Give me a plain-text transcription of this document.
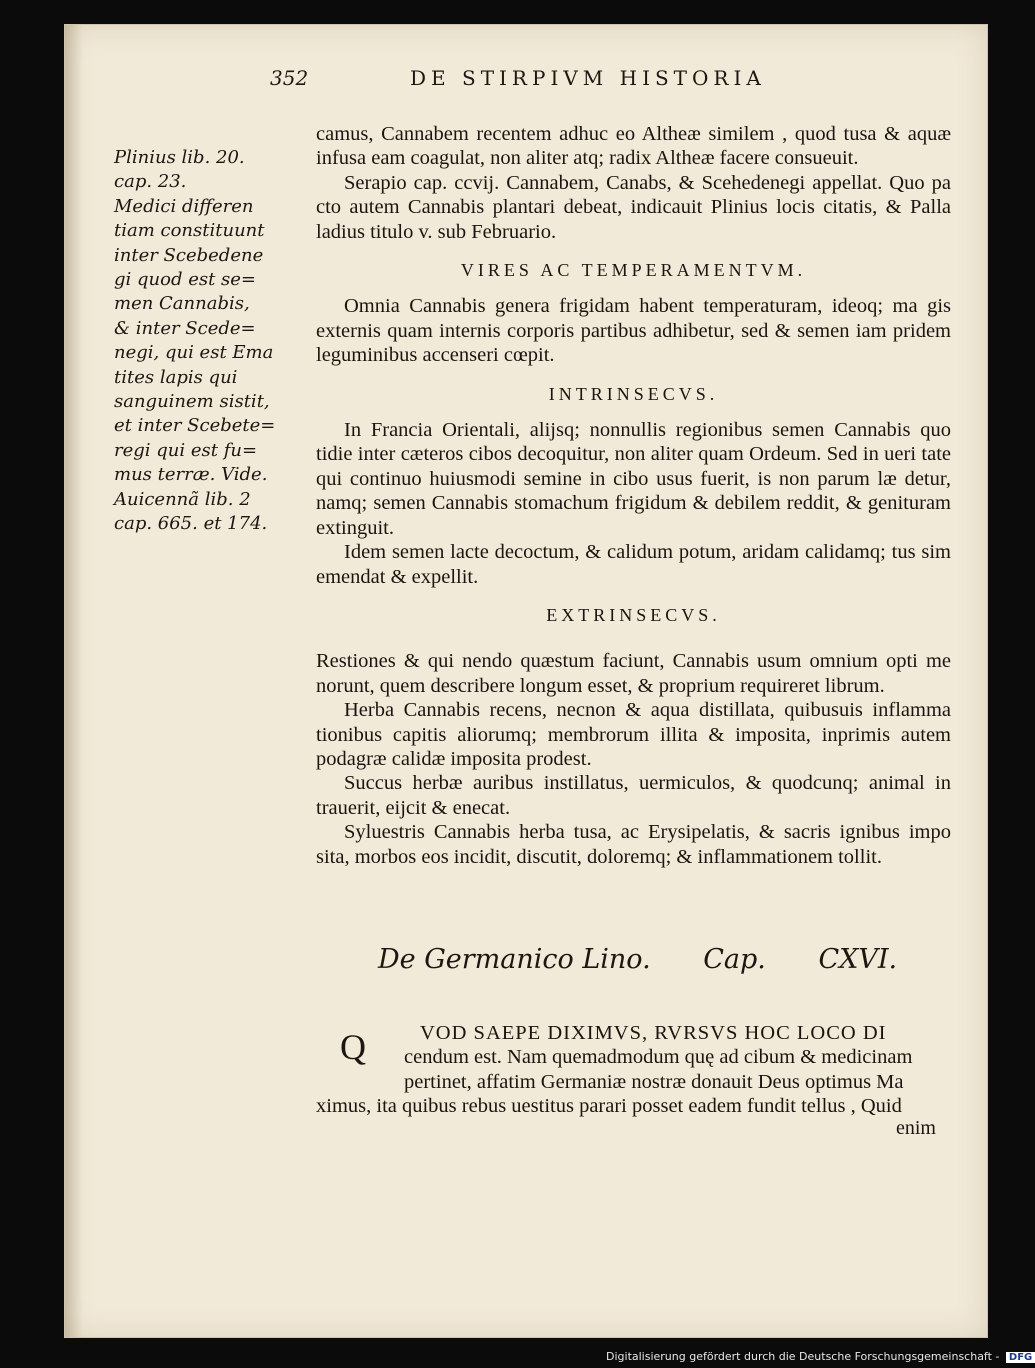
352	DE STIRPIVM HISTORIA
Plinius lib. 20.
cap. 23.
Medici differen
tiam constituunt
inter Scebedene
gi quod est se=
men Cannabis,
& inter Scede=
negi, qui est Ema
tites lapis qui
sanguinem sistit,
et inter Scebete=
regi qui est fu=
mus terræ. Vide.
Auicennã lib. 2
cap. 665. et 174.

camus, Cannabem recentem adhuc eo Altheæ similem , quod tusa & aquæ infusa eam coagulat, non aliter atq; radix Altheæ facere consueuit.

Serapio cap. ccvij. Cannabem, Canabs, & Scehedenegi appellat. Quo pa cto autem Cannabis plantari debeat, indicauit Plinius locis citatis, & Palla ladius titulo v. sub Februario.

VIRES AC TEMPERAMENTVM.

Omnia Cannabis genera frigidam habent temperaturam, ideoq; ma gis externis quam internis corporis partibus adhibetur, sed & semen iam pridem leguminibus accenseri cœpit.

INTRINSECVS.

In Francia Orientali, alijsq; nonnullis regionibus semen Cannabis quo tidie inter cæteros cibos decoquitur, non aliter quam Ordeum. Sed in ueri tate qui continuo huiusmodi semine in cibo usus fuerit, is non parum læ detur, namq; semen Cannabis stomachum frigidum & debilem reddit, & genituram extinguit.

Idem semen lacte decoctum, & calidum potum, aridam calidamq; tus sim emendat & expellit.

EXTRINSECVS.

Restiones & qui nendo quæstum faciunt, Cannabis usum omnium opti me norunt, quem describere longum esset, & proprium requireret librum.

Herba Cannabis recens, necnon & aqua distillata, quibusuis inflamma tionibus capitis aliorumq; membrorum illita & imposita, inprimis autem podagræ calidæ imposita prodest.

Succus herbæ auribus instillatus, uermiculos, & quodcunq; animal in trauerit, eijcit & enecat.

Syluestris Cannabis herba tusa, ac Erysipelatis, & sacris ignibus impo sita, morbos eos incidit, discutit, doloremq; & inflammationem tollit.

De Germanico Lino. Cap. CXVI.
Q	VOD SAEPE DIXIMVS, RVRSVS HOC LOCO DI

cendum est. Nam quemadmodum quę ad cibum & medicinam

pertinet, affatim Germaniæ nostræ donauit Deus optimus Ma

ximus, ita quibus rebus uestitus parari posset eadem fundit tellus , Quid

enim
Digitalisierung gefördert durch die Deutsche Forschungsgemeinschaft - DFG
